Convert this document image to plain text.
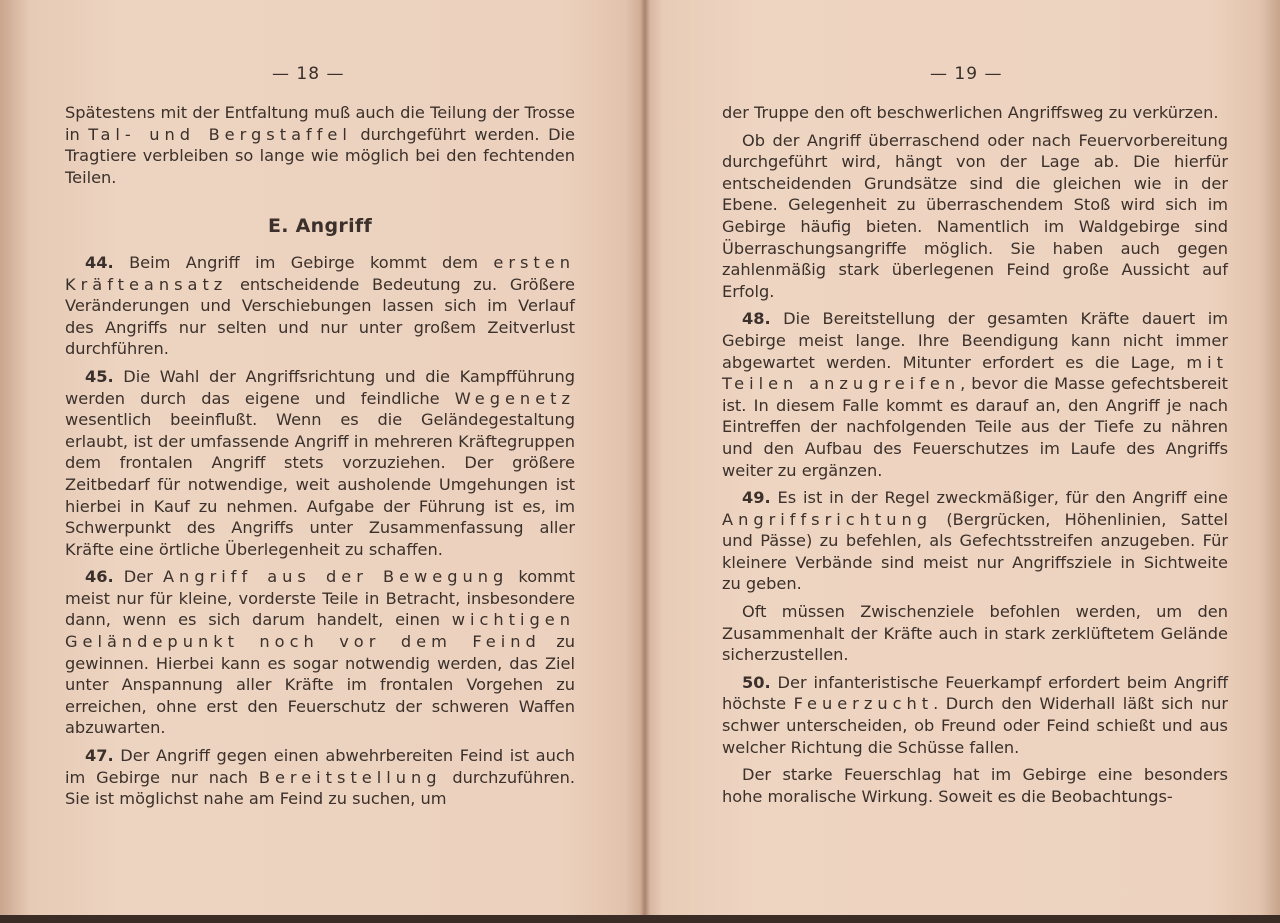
— 18 —

Spätestens mit der Entfaltung muß auch die Teilung der Trosse in Tal- und Bergstaffel durchgeführt werden. Die Tragtiere verbleiben so lange wie möglich bei den fechtenden Teilen.

E. Angriff

44. Beim Angriff im Gebirge kommt dem ersten Kräfteansatz entscheidende Bedeutung zu. Größere Veränderungen und Verschiebungen lassen sich im Verlauf des Angriffs nur selten und nur unter großem Zeitverlust durchführen.

45. Die Wahl der Angriffsrichtung und die Kampfführung werden durch das eigene und feindliche Wegenetz wesentlich beeinflußt. Wenn es die Geländegestaltung erlaubt, ist der umfassende Angriff in mehreren Kräftegruppen dem frontalen Angriff stets vorzuziehen. Der größere Zeitbedarf für notwendige, weit ausholende Umgehungen ist hierbei in Kauf zu nehmen. Aufgabe der Führung ist es, im Schwerpunkt des Angriffs unter Zusammenfassung aller Kräfte eine örtliche Überlegenheit zu schaffen.

46. Der Angriff aus der Bewegung kommt meist nur für kleine, vorderste Teile in Betracht, insbesondere dann, wenn es sich darum handelt, einen wichtigen Geländepunkt noch vor dem Feind zu gewinnen. Hierbei kann es sogar notwendig werden, das Ziel unter Anspannung aller Kräfte im frontalen Vorgehen zu erreichen, ohne erst den Feuerschutz der schweren Waffen abzuwarten.

47. Der Angriff gegen einen abwehrbereiten Feind ist auch im Gebirge nur nach Bereitstellung durchzuführen. Sie ist möglichst nahe am Feind zu suchen, um

— 19 —

der Truppe den oft beschwerlichen Angriffsweg zu verkürzen.

Ob der Angriff überraschend oder nach Feuervorbereitung durchgeführt wird, hängt von der Lage ab. Die hierfür entscheidenden Grundsätze sind die gleichen wie in der Ebene. Gelegenheit zu überraschendem Stoß wird sich im Gebirge häufig bieten. Namentlich im Waldgebirge sind Überraschungsangriffe möglich. Sie haben auch gegen zahlenmäßig stark überlegenen Feind große Aussicht auf Erfolg.

48. Die Bereitstellung der gesamten Kräfte dauert im Gebirge meist lange. Ihre Beendigung kann nicht immer abgewartet werden. Mitunter erfordert es die Lage, mit Teilen anzugreifen, bevor die Masse gefechtsbereit ist. In diesem Falle kommt es darauf an, den Angriff je nach Eintreffen der nachfolgenden Teile aus der Tiefe zu nähren und den Aufbau des Feuerschutzes im Laufe des Angriffs weiter zu ergänzen.

49. Es ist in der Regel zweckmäßiger, für den Angriff eine Angriffsrichtung (Bergrücken, Höhenlinien, Sattel und Pässe) zu befehlen, als Gefechtsstreifen anzugeben. Für kleinere Verbände sind meist nur Angriffsziele in Sichtweite zu geben.

Oft müssen Zwischenziele befohlen werden, um den Zusammenhalt der Kräfte auch in stark zerklüftetem Gelände sicherzustellen.

50. Der infanteristische Feuerkampf erfordert beim Angriff höchste Feuerzucht. Durch den Widerhall läßt sich nur schwer unterscheiden, ob Freund oder Feind schießt und aus welcher Richtung die Schüsse fallen.

Der starke Feuerschlag hat im Gebirge eine besonders hohe moralische Wirkung. Soweit es die Beobachtungs-
